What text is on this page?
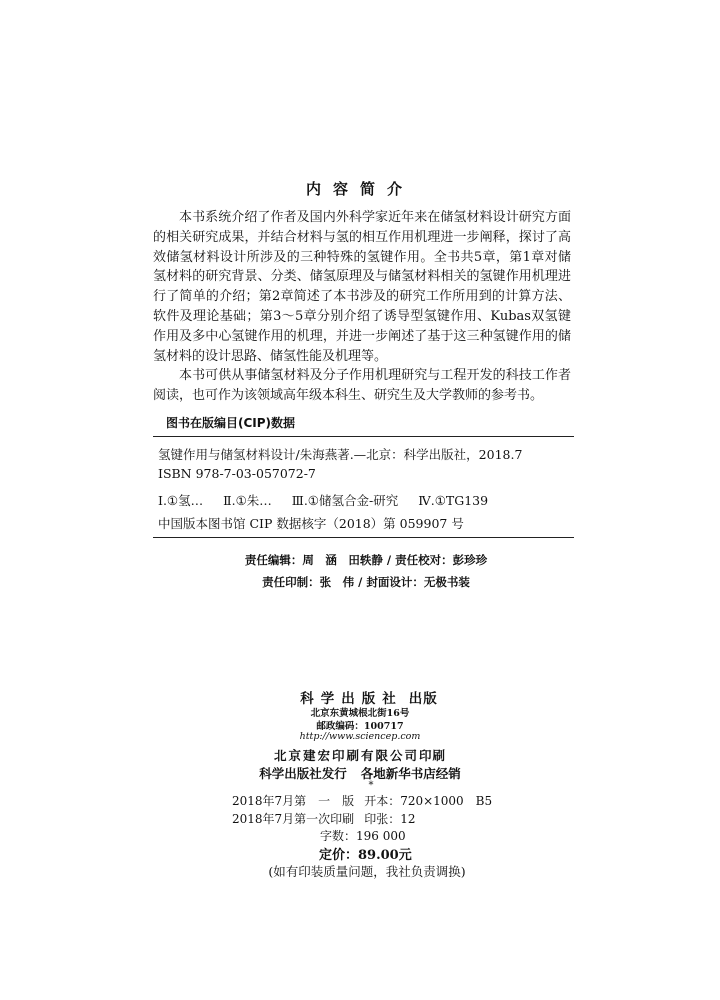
内容简介

本书系统介绍了作者及国内外科学家近年来在储氢材料设计研究方面的相关研究成果，并结合材料与氢的相互作用机理进一步阐释，探讨了高效储氢材料设计所涉及的三种特殊的氢键作用。全书共5章，第1章对储氢材料的研究背景、分类、储氢原理及与储氢材料相关的氢键作用机理进行了简单的介绍；第2章简述了本书涉及的研究工作所用到的计算方法、软件及理论基础；第3～5章分别介绍了诱导型氢键作用、Kubas双氢键作用及多中心氢键作用的机理，并进一步阐述了基于这三种氢键作用的储氢材料的设计思路、储氢性能及机理等。

本书可供从事储氢材料及分子作用机理研究与工程开发的科技工作者阅读，也可作为该领域高年级本科生、研究生及大学教师的参考书。

图书在版编目(CIP)数据
氢键作用与储氢材料设计/朱海燕著.—北京：科学出版社，2018.7
ISBN 978-7-03-057072-7
Ⅰ.①氢… Ⅱ.①朱… Ⅲ.①储氢合金-研究 Ⅳ.①TG139
中国版本图书馆 CIP 数据核字（2018）第 059907 号
责任编辑：周　涵　田轶静 / 责任校对：彭珍珍
责任印制：张　伟 / 封面设计：无极书装
科学出版社 出版
北京东黄城根北街16号
邮政编码：100717
http://www.sciencep.com
北京建宏印刷有限公司印刷
科学出版社发行 各地新华书店经销
*
2018年7月第　一　版 开本：720×1000　B5
2018年7月第一次印刷 印张：12
字数：196 000
定价：89.00元
(如有印装质量问题，我社负责调换)
